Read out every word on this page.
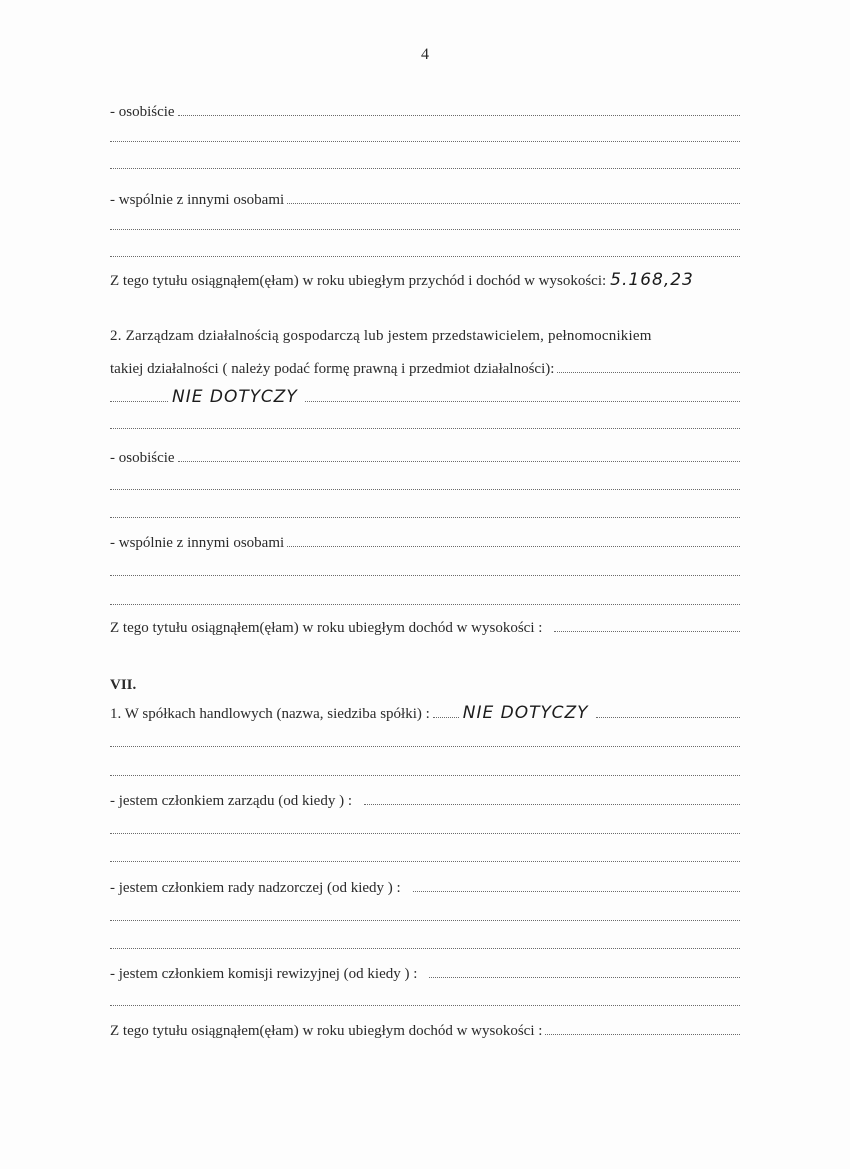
4
- osobiście
- wspólnie z innymi osobami
Z tego tytułu osiągnąłem(ęłam) w roku ubiegłym przychód i dochód w wysokości: 5.168,23
2. Zarządzam działalnością gospodarczą lub jestem przedstawicielem, pełnomocnikiem
takiej działalności ( należy podać formę prawną i przedmiot działalności):
NIE DOTYCZY
- osobiście
- wspólnie z innymi osobami
Z tego tytułu osiągnąłem(ęłam) w roku ubiegłym dochód w wysokości :
VII.
1. W spółkach handlowych (nazwa, siedziba spółki) : NIE DOTYCZY
- jestem członkiem zarządu (od kiedy ) :
- jestem członkiem rady nadzorczej (od kiedy ) :
- jestem członkiem komisji rewizyjnej (od kiedy ) :
Z tego tytułu osiągnąłem(ęłam) w roku ubiegłym dochód w wysokości :
